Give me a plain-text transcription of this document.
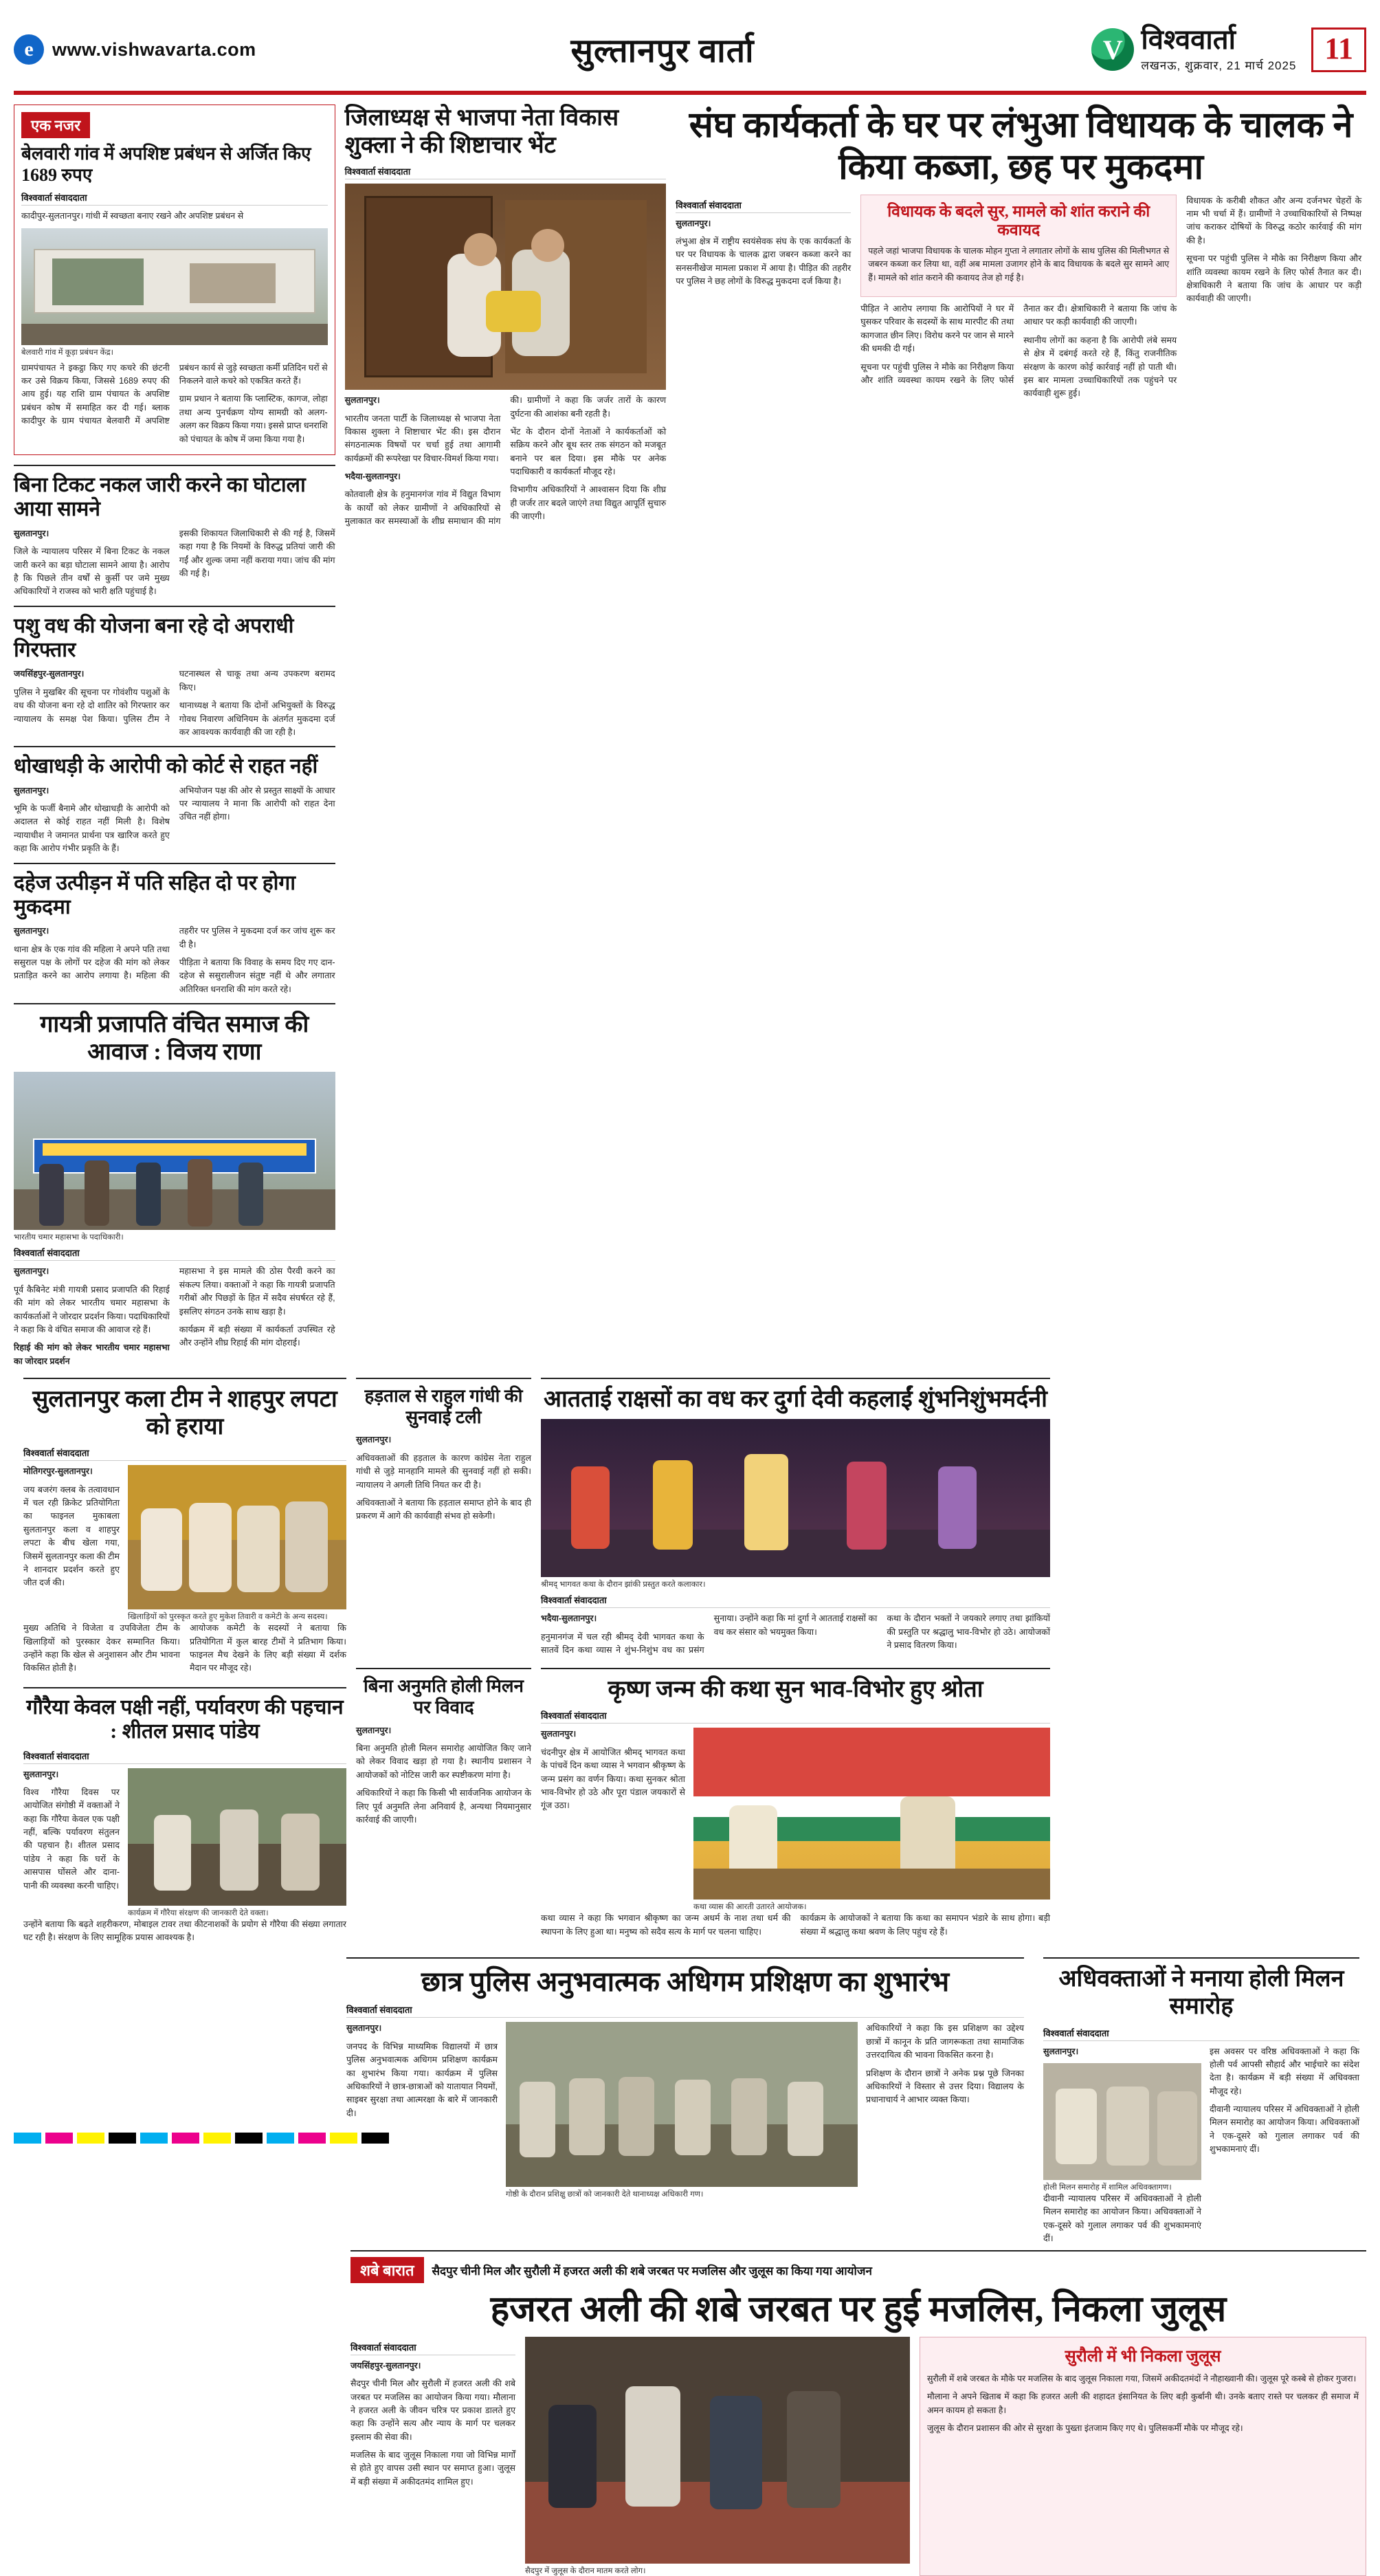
e
www.vishwavarta.com	सुल्तानपुर वार्ता V	विश्ववार्ता
लखनऊ, शुक्रवार, 21 मार्च 2025
11
एक नजर
बेलवारी गांव में अपशिष्ट प्रबंधन से अर्जित किए 1689 रुपए
विश्ववार्ता संवाददाता

कादीपुर-सुलतानपुर। गांधी में स्वच्छता बनाए रखने और अपशिष्ट प्रबंधन से

बेलवारी गांव में कूड़ा प्रबंधन केंद्र।

ग्रामपंचायत ने इकट्ठा किए गए कचरे की छंटनी कर उसे विक्रय किया, जिससे 1689 रुपए की आय हुई। यह राशि ग्राम पंचायत के अपशिष्ट प्रबंधन कोष में समाहित कर दी गई। ब्लाक कादीपुर के ग्राम पंचायत बेलवारी में अपशिष्ट प्रबंधन कार्य से जुड़े स्वच्छता कर्मी प्रतिदिन घरों से निकलने वाले कचरे को एकत्रित करते हैं।

ग्राम प्रधान ने बताया कि प्लास्टिक, कागज, लोहा तथा अन्य पुनर्चक्रण योग्य सामग्री को अलग-अलग कर विक्रय किया गया। इससे प्राप्त धनराशि को पंचायत के कोष में जमा किया गया है।

बिना टिकट नकल जारी करने का घोटाला आया सामने

सुलतानपुर।

जिले के न्यायालय परिसर में बिना टिकट के नकल जारी करने का बड़ा घोटाला सामने आया है। आरोप है कि पिछले तीन वर्षों से कुर्सी पर जमे मुख्य अधिकारियों ने राजस्व को भारी क्षति पहुंचाई है।

इसकी शिकायत जिलाधिकारी से की गई है, जिसमें कहा गया है कि नियमों के विरुद्ध प्रतियां जारी की गईं और शुल्क जमा नहीं कराया गया। जांच की मांग की गई है।

पशु वध की योजना बना रहे दो अपराधी गिरफ्तार

जयसिंहपुर-सुलतानपुर।

पुलिस ने मुखबिर की सूचना पर गोवंशीय पशुओं के वध की योजना बना रहे दो शातिर को गिरफ्तार कर न्यायालय के समक्ष पेश किया। पुलिस टीम ने घटनास्थल से चाकू तथा अन्य उपकरण बरामद किए।

थानाध्यक्ष ने बताया कि दोनों अभियुक्तों के विरुद्ध गोवध निवारण अधिनियम के अंतर्गत मुकदमा दर्ज कर आवश्यक कार्यवाही की जा रही है।

धोखाधड़ी के आरोपी को कोर्ट से राहत नहीं

सुलतानपुर।

भूमि के फर्जी बैनामे और धोखाधड़ी के आरोपी को अदालत से कोई राहत नहीं मिली है। विशेष न्यायाधीश ने जमानत प्रार्थना पत्र खारिज करते हुए कहा कि आरोप गंभीर प्रकृति के हैं।

अभियोजन पक्ष की ओर से प्रस्तुत साक्ष्यों के आधार पर न्यायालय ने माना कि आरोपी को राहत देना उचित नहीं होगा।

दहेज उत्पीड़न में पति सहित दो पर होगा मुकदमा

सुलतानपुर।

थाना क्षेत्र के एक गांव की महिला ने अपने पति तथा ससुराल पक्ष के लोगों पर दहेज की मांग को लेकर प्रताड़ित करने का आरोप लगाया है। महिला की तहरीर पर पुलिस ने मुकदमा दर्ज कर जांच शुरू कर दी है।

पीड़िता ने बताया कि विवाह के समय दिए गए दान-दहेज से ससुरालीजन संतुष्ट नहीं थे और लगातार अतिरिक्त धनराशि की मांग करते रहे।

गायत्री प्रजापति वंचित समाज की आवाज : विजय राणा
भारतीय चमार महासभा के पदाधिकारी।
विश्ववार्ता संवाददाता

सुलतानपुर।

पूर्व कैबिनेट मंत्री गायत्री प्रसाद प्रजापति की रिहाई की मांग को लेकर भारतीय चमार महासभा के कार्यकर्ताओं ने जोरदार प्रदर्शन किया। पदाधिकारियों ने कहा कि वे वंचित समाज की आवाज रहे हैं।

रिहाई की मांग को लेकर भारतीय चमार महासभा का जोरदार प्रदर्शन

महासभा ने इस मामले की ठोस पैरवी करने का संकल्प लिया। वक्ताओं ने कहा कि गायत्री प्रजापति गरीबों और पिछड़ों के हित में सदैव संघर्षरत रहे हैं, इसलिए संगठन उनके साथ खड़ा है।

कार्यक्रम में बड़ी संख्या में कार्यकर्ता उपस्थित रहे और उन्होंने शीघ्र रिहाई की मांग दोहराई।

जिलाध्यक्ष से भाजपा नेता विकास शुक्ला ने की शिष्टाचार भेंट
विश्ववार्ता संवाददाता

सुलतानपुर।

भारतीय जनता पार्टी के जिलाध्यक्ष से भाजपा नेता विकास शुक्ला ने शिष्टाचार भेंट की। इस दौरान संगठनात्मक विषयों पर चर्चा हुई तथा आगामी कार्यक्रमों की रूपरेखा पर विचार-विमर्श किया गया।

भदैया-सुलतानपुर।

कोतवाली क्षेत्र के हनुमानगंज गांव में विद्युत विभाग के कार्यों को लेकर ग्रामीणों ने अधिकारियों से मुलाकात कर समस्याओं के शीघ्र समाधान की मांग की। ग्रामीणों ने कहा कि जर्जर तारों के कारण दुर्घटना की आशंका बनी रहती है।

भेंट के दौरान दोनों नेताओं ने कार्यकर्ताओं को सक्रिय करने और बूथ स्तर तक संगठन को मजबूत बनाने पर बल दिया। इस मौके पर अनेक पदाधिकारी व कार्यकर्ता मौजूद रहे।

विभागीय अधिकारियों ने आश्वासन दिया कि शीघ्र ही जर्जर तार बदले जाएंगे तथा विद्युत आपूर्ति सुचारु की जाएगी।

संघ कार्यकर्ता के घर पर लंभुआ विधायक के चालक ने किया कब्जा, छह पर मुकदमा
विश्ववार्ता संवाददाता

सुलतानपुर।

लंभुआ क्षेत्र में राष्ट्रीय स्वयंसेवक संघ के एक कार्यकर्ता के घर पर विधायक के चालक द्वारा जबरन कब्जा करने का सनसनीखेज मामला प्रकाश में आया है। पीड़ित की तहरीर पर पुलिस ने छह लोगों के विरुद्ध मुकदमा दर्ज किया है।

विधायक के बदले सुर, मामले को शांत कराने की कवायद

पहले जहां भाजपा विधायक के चालक मोहन गुप्ता ने लगातार लोगों के साथ पुलिस की मिलीभगत से जबरन कब्जा कर लिया था, वहीं अब मामला उजागर होने के बाद विधायक के बदले सुर सामने आए हैं। मामले को शांत कराने की कवायद तेज हो गई है।

पीड़ित ने आरोप लगाया कि आरोपियों ने घर में घुसकर परिवार के सदस्यों के साथ मारपीट की तथा कागजात छीन लिए। विरोध करने पर जान से मारने की धमकी दी गई।

सूचना पर पहुंची पुलिस ने मौके का निरीक्षण किया और शांति व्यवस्था कायम रखने के लिए फोर्स तैनात कर दी। क्षेत्राधिकारी ने बताया कि जांच के आधार पर कड़ी कार्यवाही की जाएगी।

स्थानीय लोगों का कहना है कि आरोपी लंबे समय से क्षेत्र में दबंगई करते रहे हैं, किंतु राजनीतिक संरक्षण के कारण कोई कार्रवाई नहीं हो पाती थी। इस बार मामला उच्चाधिकारियों तक पहुंचने पर कार्यवाही शुरू हुई।

विधायक के करीबी शौकत और अन्य दर्जनभर चेहरों के नाम भी चर्चा में हैं। ग्रामीणों ने उच्चाधिकारियों से निष्पक्ष जांच कराकर दोषियों के विरुद्ध कठोर कार्रवाई की मांग की है।

सूचना पर पहुंची पुलिस ने मौके का निरीक्षण किया और शांति व्यवस्था कायम रखने के लिए फोर्स तैनात कर दी। क्षेत्राधिकारी ने बताया कि जांच के आधार पर कड़ी कार्यवाही की जाएगी।

सुलतानपुर कला टीम ने शाहपुर लपटा को हराया
विश्ववार्ता संवाददाता

मोतिगरपुर-सुलतानपुर।

जय बजरंग क्लब के तत्वावधान में चल रही क्रिकेट प्रतियोगिता का फाइनल मुकाबला सुलतानपुर कला व शाहपुर लपटा के बीच खेला गया, जिसमें सुलतानपुर कला की टीम ने शानदार प्रदर्शन करते हुए जीत दर्ज की।

खिलाड़ियों को पुरस्कृत करते हुए मुकेश तिवारी व कमेटी के अन्य सदस्य।

मुख्य अतिथि ने विजेता व उपविजेता टीम के खिलाड़ियों को पुरस्कार देकर सम्मानित किया। उन्होंने कहा कि खेल से अनुशासन और टीम भावना विकसित होती है।

आयोजक कमेटी के सदस्यों ने बताया कि प्रतियोगिता में कुल बारह टीमों ने प्रतिभाग किया। फाइनल मैच देखने के लिए बड़ी संख्या में दर्शक मैदान पर मौजूद रहे।

गौरैया केवल पक्षी नहीं, पर्यावरण की पहचान : शीतल प्रसाद पांडेय
विश्ववार्ता संवाददाता

सुलतानपुर।

विश्व गौरैया दिवस पर आयोजित संगोष्ठी में वक्ताओं ने कहा कि गौरैया केवल एक पक्षी नहीं, बल्कि पर्यावरण संतुलन की पहचान है। शीतल प्रसाद पांडेय ने कहा कि घरों के आसपास घोंसले और दाना-पानी की व्यवस्था करनी चाहिए।

कार्यक्रम में गौरैया संरक्षण की जानकारी देते वक्ता।

उन्होंने बताया कि बढ़ते शहरीकरण, मोबाइल टावर तथा कीटनाशकों के प्रयोग से गौरैया की संख्या लगातार घट रही है। संरक्षण के लिए सामूहिक प्रयास आवश्यक है।

हड़ताल से राहुल गांधी की सुनवाई टली

सुलतानपुर।

अधिवक्ताओं की हड़ताल के कारण कांग्रेस नेता राहुल गांधी से जुड़े मानहानि मामले की सुनवाई नहीं हो सकी। न्यायालय ने अगली तिथि नियत कर दी है।

अधिवक्ताओं ने बताया कि हड़ताल समाप्त होने के बाद ही प्रकरण में आगे की कार्यवाही संभव हो सकेगी।

आतताई राक्षसों का वध कर दुर्गा देवी कहलाईं शुंभनिशुंभमर्दनी
श्रीमद् भागवत कथा के दौरान झांकी प्रस्तुत करते कलाकार।
विश्ववार्ता संवाददाता

भदैया-सुलतानपुर।

हनुमानगंज में चल रही श्रीमद् देवी भागवत कथा के सातवें दिन कथा व्यास ने शुंभ-निशुंभ वध का प्रसंग सुनाया। उन्होंने कहा कि मां दुर्गा ने आतताई राक्षसों का वध कर संसार को भयमुक्त किया।

कथा के दौरान भक्तों ने जयकारे लगाए तथा झांकियों की प्रस्तुति पर श्रद्धालु भाव-विभोर हो उठे। आयोजकों ने प्रसाद वितरण किया।

बिना अनुमति होली मिलन पर विवाद

सुलतानपुर।

बिना अनुमति होली मिलन समारोह आयोजित किए जाने को लेकर विवाद खड़ा हो गया है। स्थानीय प्रशासन ने आयोजकों को नोटिस जारी कर स्पष्टीकरण मांगा है।

अधिकारियों ने कहा कि किसी भी सार्वजनिक आयोजन के लिए पूर्व अनुमति लेना अनिवार्य है, अन्यथा नियमानुसार कार्रवाई की जाएगी।

कृष्ण जन्म की कथा सुन भाव-विभोर हुए श्रोता
विश्ववार्ता संवाददाता

सुलतानपुर।

चंदनीपुर क्षेत्र में आयोजित श्रीमद् भागवत कथा के पांचवें दिन कथा व्यास ने भगवान श्रीकृष्ण के जन्म प्रसंग का वर्णन किया। कथा सुनकर श्रोता भाव-विभोर हो उठे और पूरा पंडाल जयकारों से गूंज उठा।

कथा व्यास की आरती उतारते आयोजक।

कथा व्यास ने कहा कि भगवान श्रीकृष्ण का जन्म अधर्म के नाश तथा धर्म की स्थापना के लिए हुआ था। मनुष्य को सदैव सत्य के मार्ग पर चलना चाहिए।

कार्यक्रम के आयोजकों ने बताया कि कथा का समापन भंडारे के साथ होगा। बड़ी संख्या में श्रद्धालु कथा श्रवण के लिए पहुंच रहे हैं।

छात्र पुलिस अनुभवात्मक अधिगम प्रशिक्षण का शुभारंभ
विश्ववार्ता संवाददाता

सुलतानपुर।

जनपद के विभिन्न माध्यमिक विद्यालयों में छात्र पुलिस अनुभवात्मक अधिगम प्रशिक्षण कार्यक्रम का शुभारंभ किया गया। कार्यक्रम में पुलिस अधिकारियों ने छात्र-छात्राओं को यातायात नियमों, साइबर सुरक्षा तथा आत्मरक्षा के बारे में जानकारी दी।

गोष्ठी के दौरान प्रशिक्षु छात्रों को जानकारी देते थानाध्यक्ष अधिकारी गण।

अधिकारियों ने कहा कि इस प्रशिक्षण का उद्देश्य छात्रों में कानून के प्रति जागरूकता तथा सामाजिक उत्तरदायित्व की भावना विकसित करना है।

प्रशिक्षण के दौरान छात्रों ने अनेक प्रश्न पूछे जिनका अधिकारियों ने विस्तार से उत्तर दिया। विद्यालय के प्रधानाचार्य ने आभार व्यक्त किया।

अधिवक्ताओं ने मनाया होली मिलन समारोह
विश्ववार्ता संवाददाता

सुलतानपुर।

होली मिलन समारोह में शामिल अधिवक्तागण।

दीवानी न्यायालय परिसर में अधिवक्ताओं ने होली मिलन समारोह का आयोजन किया। अधिवक्ताओं ने एक-दूसरे को गुलाल लगाकर पर्व की शुभकामनाएं दीं।

इस अवसर पर वरिष्ठ अधिवक्ताओं ने कहा कि होली पर्व आपसी सौहार्द और भाईचारे का संदेश देता है। कार्यक्रम में बड़ी संख्या में अधिवक्ता मौजूद रहे।

दीवानी न्यायालय परिसर में अधिवक्ताओं ने होली मिलन समारोह का आयोजन किया। अधिवक्ताओं ने एक-दूसरे को गुलाल लगाकर पर्व की शुभकामनाएं दीं।

शबे बारात	सैदपुर चीनी मिल और सुरौली में हजरत अली की शबे जरबत पर मजलिस और जुलूस का किया गया आयोजन
हजरत अली की शबे जरबत पर हुई मजलिस, निकला जुलूस
विश्ववार्ता संवाददाता

जयसिंहपुर-सुलतानपुर।

सैदपुर चीनी मिल और सुरौली में हजरत अली की शबे जरबत पर मजलिस का आयोजन किया गया। मौलाना ने हजरत अली के जीवन चरित्र पर प्रकाश डालते हुए कहा कि उन्होंने सत्य और न्याय के मार्ग पर चलकर इस्लाम की सेवा की।

मजलिस के बाद जुलूस निकाला गया जो विभिन्न मार्गों से होते हुए वापस उसी स्थान पर समाप्त हुआ। जुलूस में बड़ी संख्या में अकीदतमंद शामिल हुए।

सैदपुर में जुलूस के दौरान मातम करते लोग।
सुरौली में भी निकला जुलूस

सुरौली में शबे जरबत के मौके पर मजलिस के बाद जुलूस निकाला गया, जिसमें अकीदतमंदों ने नौहाख्वानी की। जुलूस पूरे कस्बे से होकर गुजरा।

मौलाना ने अपने खिताब में कहा कि हजरत अली की शहादत इंसानियत के लिए बड़ी कुर्बानी थी। उनके बताए रास्ते पर चलकर ही समाज में अमन कायम हो सकता है।

जुलूस के दौरान प्रशासन की ओर से सुरक्षा के पुख्ता इंतजाम किए गए थे। पुलिसकर्मी मौके पर मौजूद रहे।
